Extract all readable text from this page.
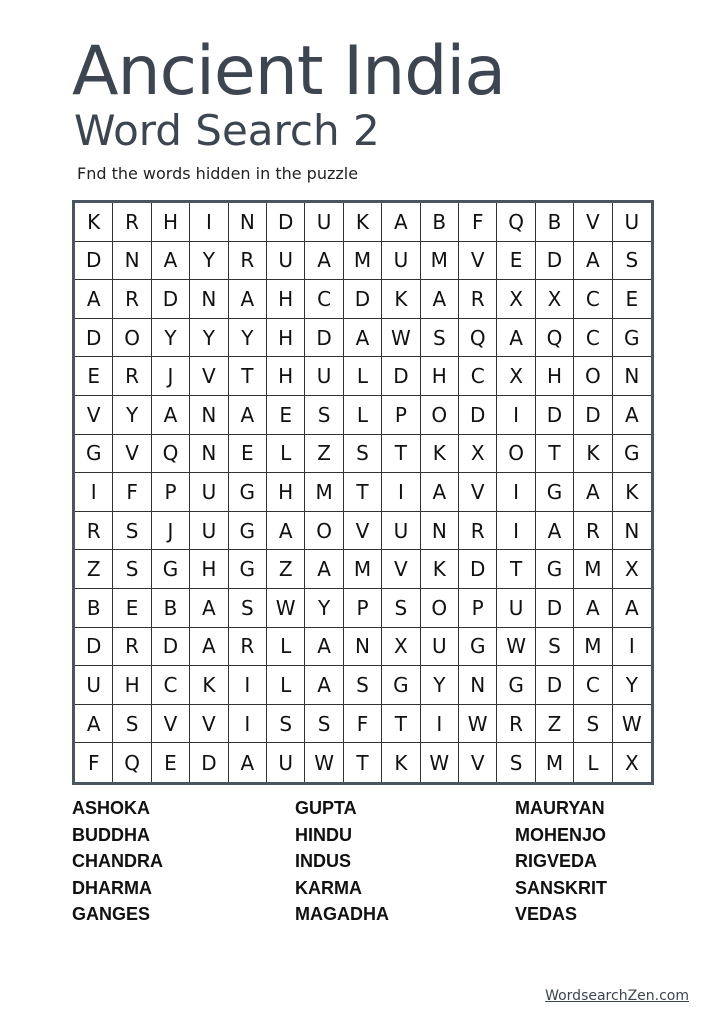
Ancient India
Word Search 2
Fnd the words hidden in the puzzle
K	R	H	I	N	D	U	K	A	B	F	Q	B	V	U
D	N	A	Y	R	U	A	M	U	M	V	E	D	A	S
A	R	D	N	A	H	C	D	K	A	R	X	X	C	E
D	O	Y	Y	Y	H	D	A	W	S	Q	A	Q	C	G
E	R	J	V	T	H	U	L	D	H	C	X	H	O	N
V	Y	A	N	A	E	S	L	P	O	D	I	D	D	A
G	V	Q	N	E	L	Z	S	T	K	X	O	T	K	G
I	F	P	U	G	H	M	T	I	A	V	I	G	A	K
R	S	J	U	G	A	O	V	U	N	R	I	A	R	N
Z	S	G	H	G	Z	A	M	V	K	D	T	G	M	X
B	E	B	A	S	W	Y	P	S	O	P	U	D	A	A
D	R	D	A	R	L	A	N	X	U	G	W	S	M	I
U	H	C	K	I	L	A	S	G	Y	N	G	D	C	Y
A	S	V	V	I	S	S	F	T	I	W	R	Z	S	W
F	Q	E	D	A	U	W	T	K	W	V	S	M	L	X
ASHOKA
BUDDHA
CHANDRA
DHARMA
GANGES
GUPTA
HINDU
INDUS
KARMA
MAGADHA
MAURYAN
MOHENJO
RIGVEDA
SANSKRIT
VEDAS
WordsearchZen.com
